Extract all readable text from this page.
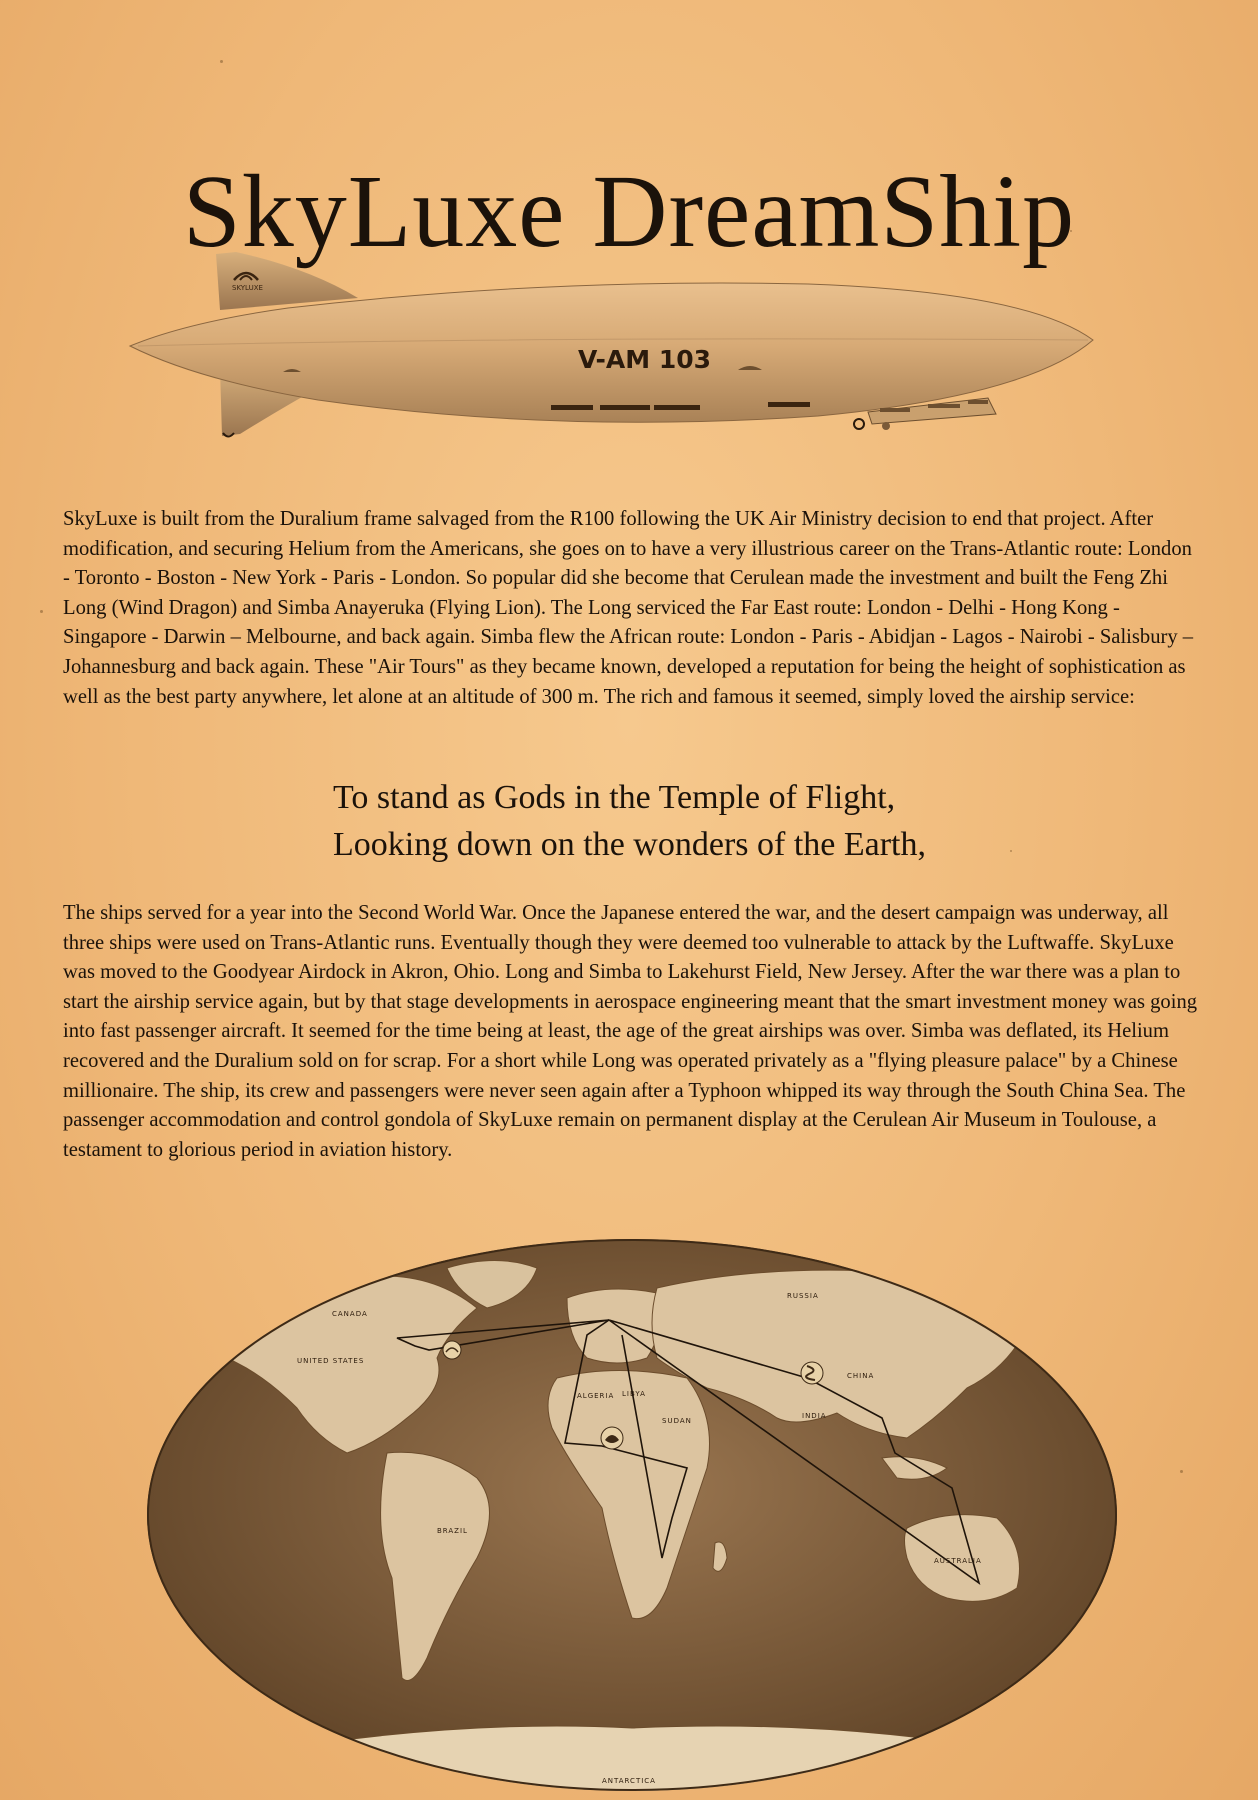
SkyLuxe DreamShip
SKYLUXE
V-AM 103

SkyLuxe is built from the Duralium frame salvaged from the R100 following the UK Air Ministry decision to end that project. After modification, and securing Helium from the Americans, she goes on to have a very illustrious career on the Trans-Atlantic route: London - Toronto - Boston - New York - Paris - London. So popular did she become that Cerulean made the investment and built the Feng Zhi Long (Wind Dragon) and Simba Anayeruka (Flying Lion). The Long serviced the Far East route: London - Delhi - Hong Kong - Singapore - Darwin – Melbourne, and back again. Simba flew the African route: London - Paris - Abidjan - Lagos - Nairobi - Salisbury – Johannesburg and back again. These "Air Tours" as they became known, developed a reputation for being the height of sophistication as well as the best party anywhere, let alone at an altitude of 300 m. The rich and famous it seemed, simply loved the airship service:

To stand as Gods in the Temple of Flight,
Looking down on the wonders of the Earth,

The ships served for a year into the Second World War. Once the Japanese entered the war, and the desert campaign was underway, all three ships were used on Trans-Atlantic runs. Eventually though they were deemed too vulnerable to attack by the Luftwaffe. SkyLuxe was moved to the Goodyear Airdock in Akron, Ohio. Long and Simba to Lakehurst Field, New Jersey. After the war there was a plan to start the airship service again, but by that stage developments in aerospace engineering meant that the smart investment money was going into fast passenger aircraft. It seemed for the time being at least, the age of the great airships was over. Simba was deflated, its Helium recovered and the Duralium sold on for scrap. For a short while Long was operated privately as a "flying pleasure palace" by a Chinese millionaire. The ship, its crew and passengers were never seen again after a Typhoon whipped its way through the South China Sea. The passenger accommodation and control gondola of SkyLuxe remain on permanent display at the Cerulean Air Museum in Toulouse, a testament to glorious period in aviation history.

CANADA
UNITED STATES
RUSSIA
CHINA
ALGERIA LIBYA
SUDAN
INDIA
BRAZIL
AUSTRALIA
ANTARCTICA
